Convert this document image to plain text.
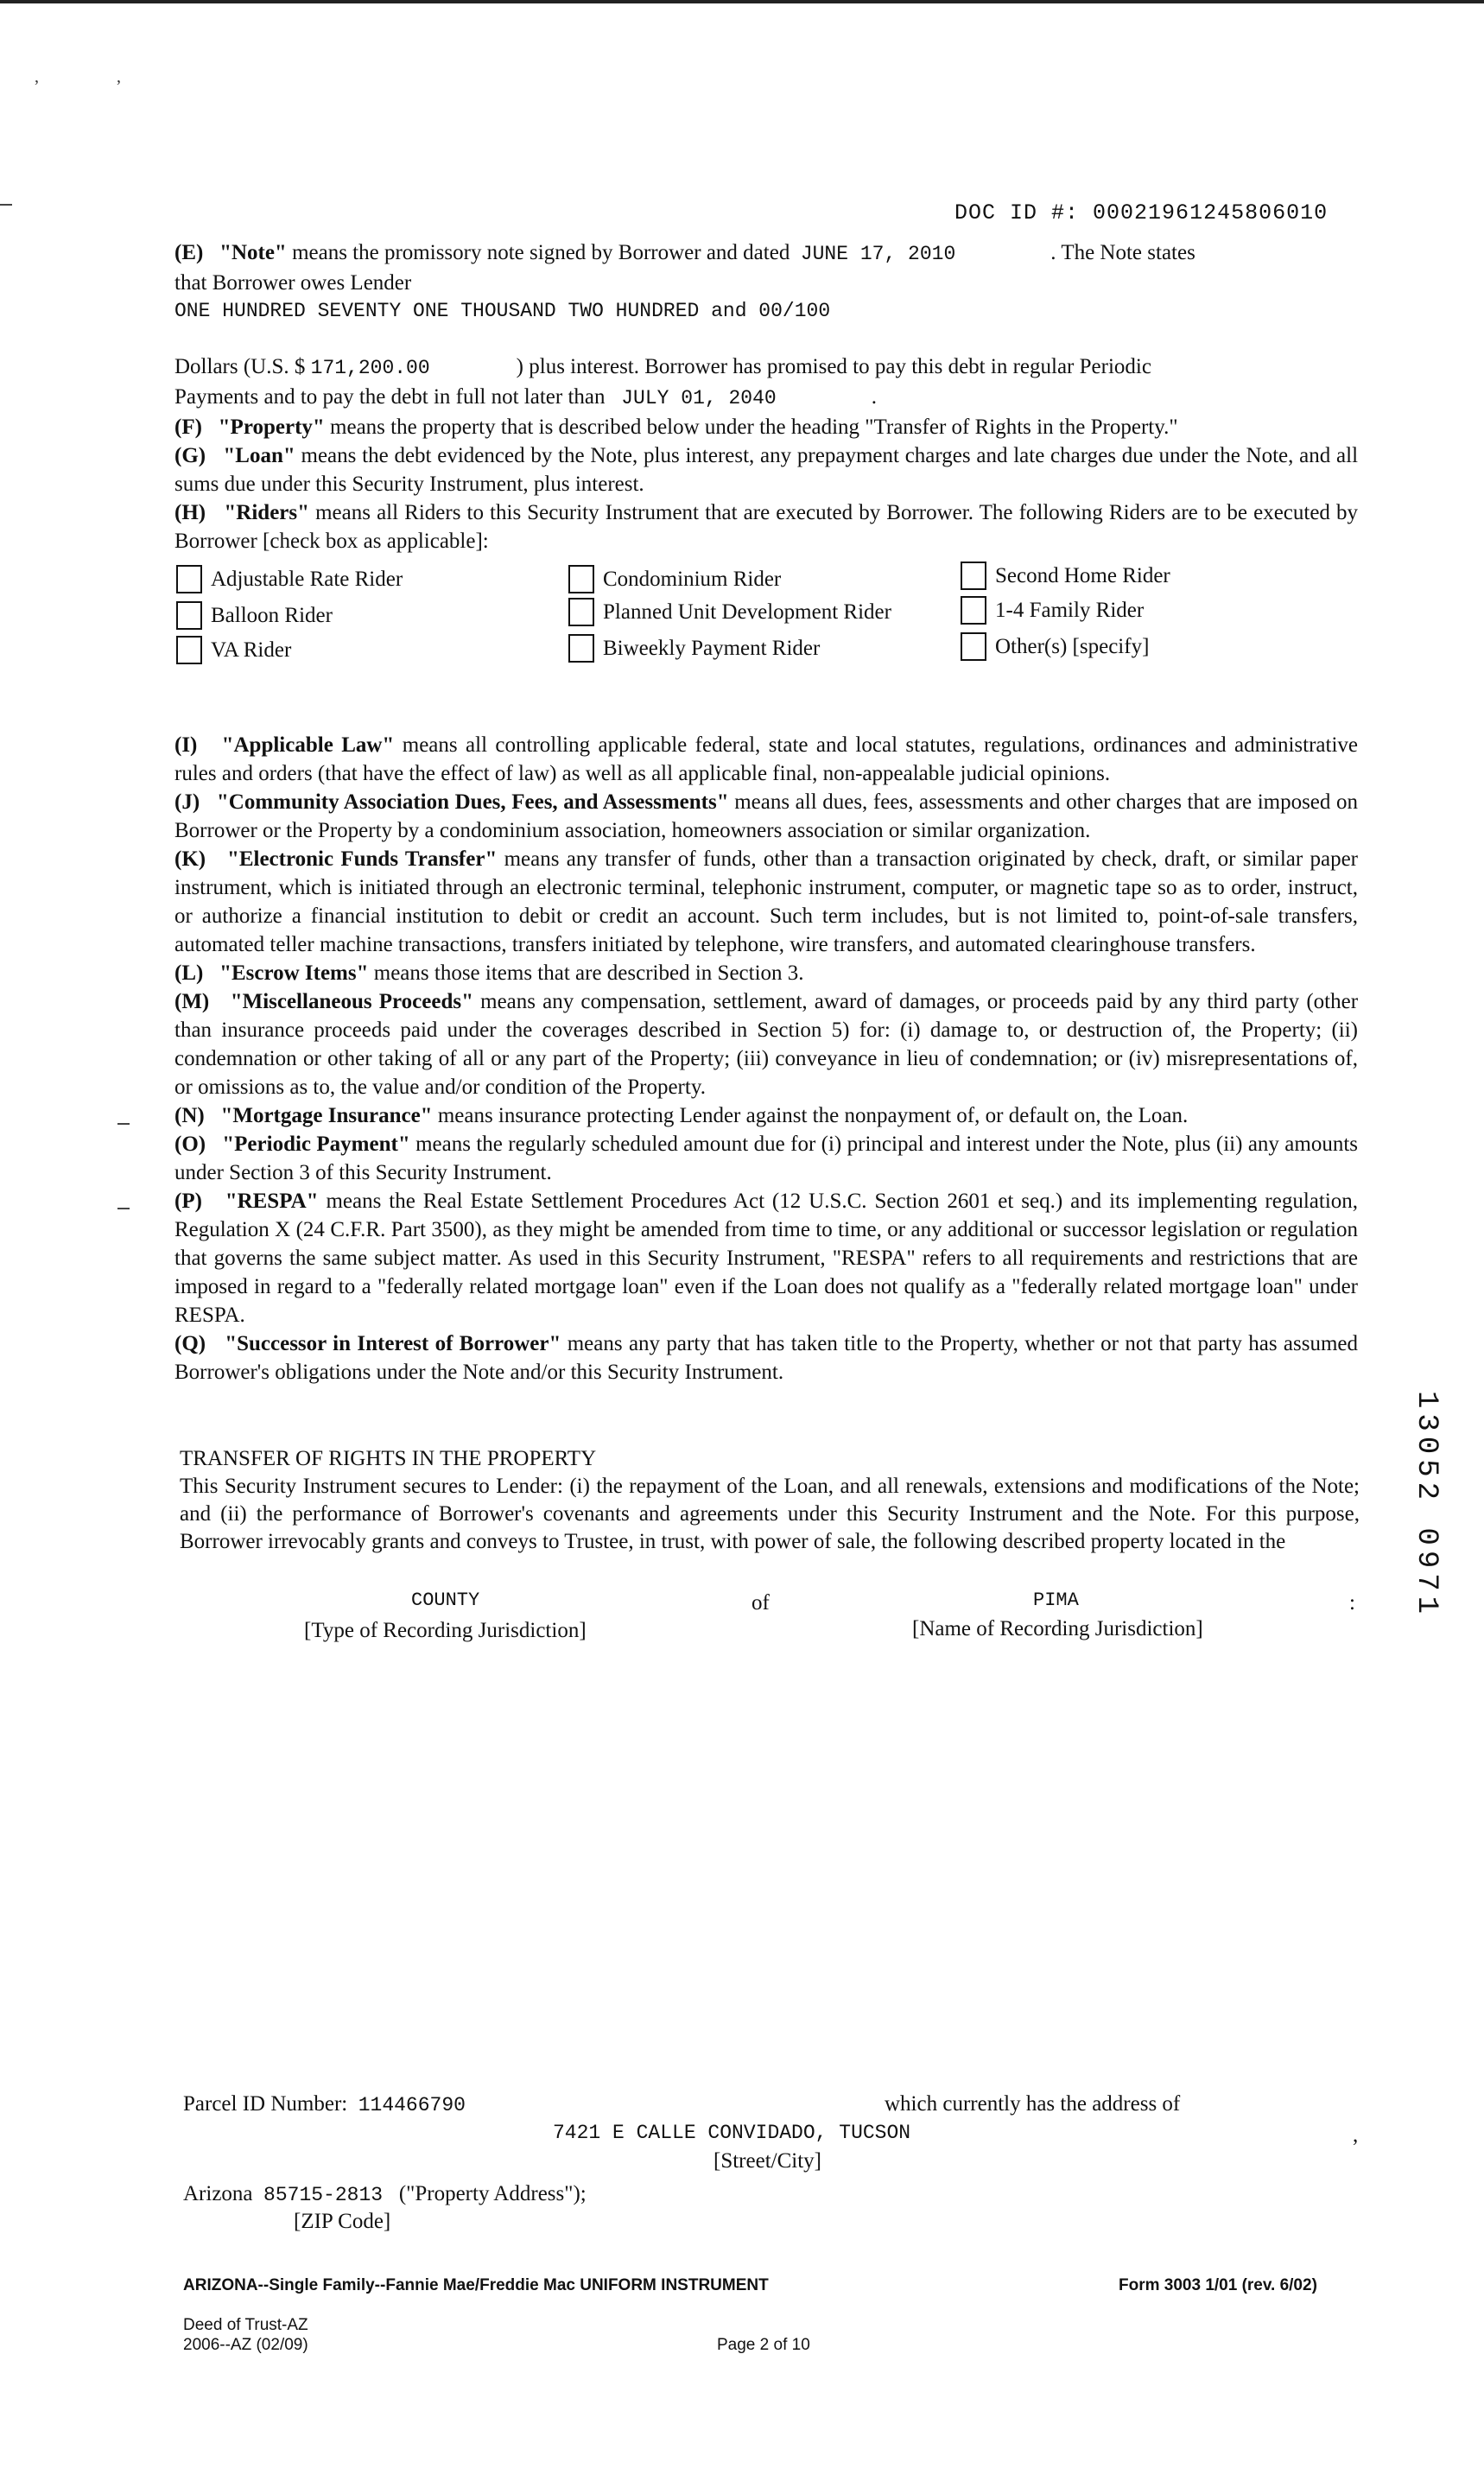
,	,
DOC ID #: 00021961245806010

(E) "Note" means the promissory note signed by Borrower and dated JUNE 17, 2010	. The Note states

that Borrower owes Lender

ONE HUNDRED SEVENTY ONE THOUSAND TWO HUNDRED and 00/100

Dollars (U.S. $ 171,200.00	) plus interest. Borrower has promised to pay this debt in regular Periodic

Payments and to pay the debt in full not later than JULY 01, 2040	.

(F) "Property" means the property that is described below under the heading "Transfer of Rights in the Property."

(G) "Loan" means the debt evidenced by the Note, plus interest, any prepayment charges and late charges due under the Note, and all sums due under this Security Instrument, plus interest.

(H) "Riders" means all Riders to this Security Instrument that are executed by Borrower. The following Riders are to be executed by Borrower [check box as applicable]:

Adjustable Rate Rider	Condominium Rider	Second Home Rider
Balloon Rider	Planned Unit Development Rider	1-4 Family Rider
VA Rider	Biweekly Payment Rider	Other(s) [specify]

(I) "Applicable Law" means all controlling applicable federal, state and local statutes, regulations, ordinances and administrative rules and orders (that have the effect of law) as well as all applicable final, non-appealable judicial opinions.

(J) "Community Association Dues, Fees, and Assessments" means all dues, fees, assessments and other charges that are imposed on Borrower or the Property by a condominium association, homeowners association or similar organization.

(K) "Electronic Funds Transfer" means any transfer of funds, other than a transaction originated by check, draft, or similar paper instrument, which is initiated through an electronic terminal, telephonic instrument, computer, or magnetic tape so as to order, instruct, or authorize a financial institution to debit or credit an account. Such term includes, but is not limited to, point-of-sale transfers, automated teller machine transactions, transfers initiated by telephone, wire transfers, and automated clearinghouse transfers.

(L) "Escrow Items" means those items that are described in Section 3.

(M) "Miscellaneous Proceeds" means any compensation, settlement, award of damages, or proceeds paid by any third party (other than insurance proceeds paid under the coverages described in Section 5) for: (i) damage to, or destruction of, the Property; (ii) condemnation or other taking of all or any part of the Property; (iii) conveyance in lieu of condemnation; or (iv) misrepresentations of, or omissions as to, the value and/or condition of the Property.

(N) "Mortgage Insurance" means insurance protecting Lender against the nonpayment of, or default on, the Loan.

(O) "Periodic Payment" means the regularly scheduled amount due for (i) principal and interest under the Note, plus (ii) any amounts under Section 3 of this Security Instrument.

(P) "RESPA" means the Real Estate Settlement Procedures Act (12 U.S.C. Section 2601 et seq.) and its implementing regulation, Regulation X (24 C.F.R. Part 3500), as they might be amended from time to time, or any additional or successor legislation or regulation that governs the same subject matter. As used in this Security Instrument, "RESPA" refers to all requirements and restrictions that are imposed in regard to a "federally related mortgage loan" even if the Loan does not qualify as a "federally related mortgage loan" under RESPA.

(Q) "Successor in Interest of Borrower" means any party that has taken title to the Property, whether or not that party has assumed Borrower's obligations under the Note and/or this Security Instrument.

TRANSFER OF RIGHTS IN THE PROPERTY

This Security Instrument secures to Lender: (i) the repayment of the Loan, and all renewals, extensions and modifications of the Note; and (ii) the performance of Borrower's covenants and agreements under this Security Instrument and the Note. For this purpose, Borrower irrevocably grants and conveys to Trustee, in trust, with power of sale, the following described property located in the

COUNTY	of	PIMA	:
[Type of Recording Jurisdiction]	[Name of Recording Jurisdiction]
13052 0971
Parcel ID Number: 114466790	which currently has the address of
7421 E CALLE CONVIDADO, TUCSON	,
[Street/City]
Arizona 85715-2813 ("Property Address");
[ZIP Code]
ARIZONA--Single Family--Fannie Mae/Freddie Mac UNIFORM INSTRUMENT	Form 3003 1/01 (rev. 6/02)
Deed of Trust-AZ
2006--AZ (02/09)	Page 2 of 10
